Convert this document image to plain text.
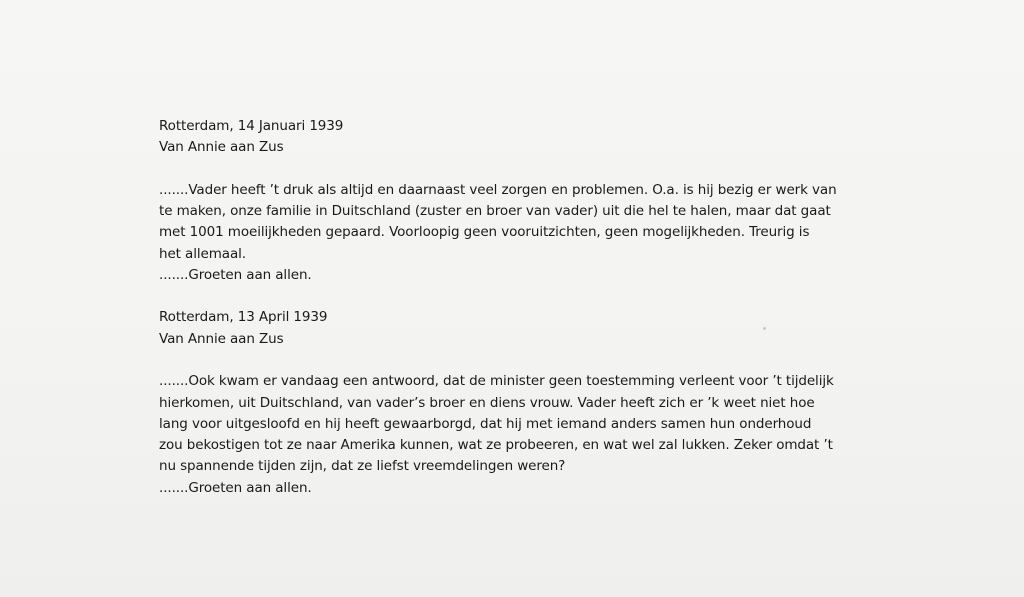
Rotterdam, 14 Januari 1939
Van Annie aan Zus
.......Vader heeft ’t druk als altijd en daarnaast veel zorgen en problemen. O.a. is hij bezig er werk van
te maken, onze familie in Duitschland (zuster en broer van vader) uit die hel te halen, maar dat gaat
met 1001 moeilijkheden gepaard. Voorloopig geen vooruitzichten, geen mogelijkheden. Treurig is
het allemaal.
.......Groeten aan allen.
Rotterdam, 13 April 1939
Van Annie aan Zus
.......Ook kwam er vandaag een antwoord, dat de minister geen toestemming verleent voor ’t tijdelijk
hierkomen, uit Duitschland, van vader’s broer en diens vrouw. Vader heeft zich er ’k weet niet hoe
lang voor uitgesloofd en hij heeft gewaarborgd, dat hij met iemand anders samen hun onderhoud
zou bekostigen tot ze naar Amerika kunnen, wat ze probeeren, en wat wel zal lukken. Zeker omdat ’t
nu spannende tijden zijn, dat ze liefst vreemdelingen weren?
.......Groeten aan allen.
